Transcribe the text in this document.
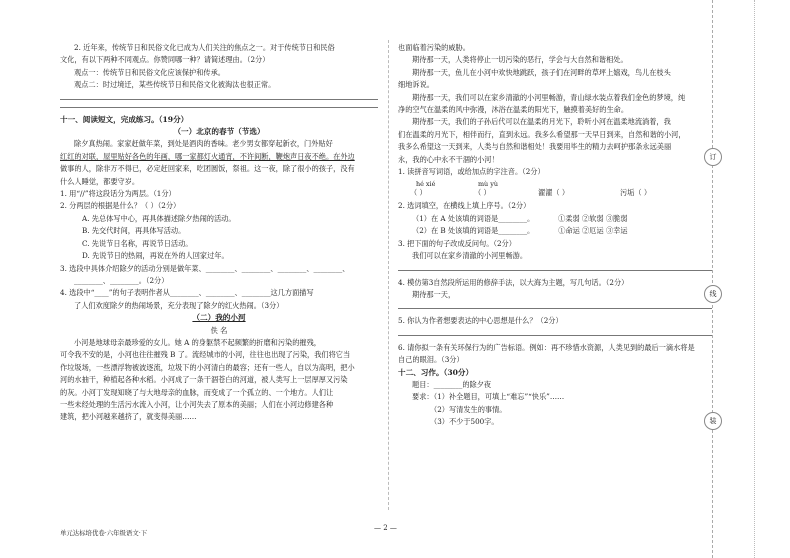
2. 近年来，传统节日和民俗文化已成为人们关注的焦点之一。对于传统节日和民俗

文化，有以下两种不同观点。你赞同哪一种？请简述理由。（2分）

观点一：传统节日和民俗文化应该保护和传承。

观点二：时过境迁，某些传统节日和民俗文化被淘汰也很正常。

十一、阅读短文，完成练习。（19分）

（一）北京的春节（节选）

除夕真热闹。家家赶做年菜，到处是酒肉的香味。老少男女都穿起新衣，门外贴好

红红的对联，屋里贴好各色的年画，哪一家都灯火通宵，不许间断，鞭炮声日夜不绝。在外边

做事的人，除非万不得已，必定赶回家来，吃团圆饭，祭祖。这一夜，除了很小的孩子，没有

什么人睡觉，都要守岁。

1. 用“//”将这段话分为两层。（1分）

2. 分两层的根据是什么？（ ）（2分）

A. 先总体写中心，再具体描述除夕热闹的活动。

B. 先交代时间，再具体写活动。

C. 先说节日名称，再说节日活动。

D. 先说节日的热闹，再说在外的人回家过年。

3. 选段中具体介绍除夕的活动分别是做年菜、________、________、________、________、

________、________。（2分）

4. 选段中“____”的句子表明作者从________、________、________这几方面描写

了人们欢度除夕的热闹场景，充分表现了除夕的红火热闹。（3分）

（二）我的小河

佚 名

小河是地球母亲最珍爱的女儿。她 A 的身躯禁不起频繁的折磨和污染的摧残，

可令我不安的是，小河也往往摧残 B 了。流经城市的小河，往往也出现了污染，我们将它当

作垃圾场，一些漂浮物被波逐流，垃圾下的小河清白的最容；还有一些人，自以为高明，把小

河的水抽干，种植起各种水稻。小河成了一条干涸苍白的河道，被人类写上一层厚厚又污染

的灰。小河丁发现知晓了与大地母亲的血脉，而变成了一个孤立的、一个地方。人们让

一些未经处理的生活污水流入小河，让小河失去了原本的美丽；人们在小河边修建各种

建筑，把小河越来越挤了，就变得美丽……

也面临着污染的威胁。

期待那一天，人类将停止一切污染的恶行，学会与大自然和谐相处。

期待那一天，鱼儿在小河中欢快地跳跃，孩子们在河畔的草坪上嬉戏，鸟儿在枝头

细地诉说。

期待那一天，我们可以在家乡清澈的小河里畅游，青山绿水装点着我们金色的梦境，纯

净的空气在温柔的风中弥漫，沐浴在温柔的阳光下，触摸着美好的生命。

期待那一天，我们的子孙后代可以在温柔的月光下，聆听小河在温柔地流淌着，我

们在温柔的月光下，相伴而行，直到永远。我多么希望那一天早日到来，自然和谐的小河，

我多么希望这一天到来，人类与自然和谐相处！我要用毕生的精力去呵护那条永远美丽

永，我的心中永不干涸的小河！

1. 读拼音写词语，或给加点的字注音。（2分）

hé xié	mù yù
（ ）	（ ）	濯濯（ ）	污垢（ ）

2. 选词填空，在横线上填上序号。（2分）

（1）在 A 处该填的词语是________。	①柔弱 ②软弱 ③脆弱

（2）在 B 处该填的词语是________。	①命运 ②厄运 ③幸运

3. 把下面的句子改成反问句。（2分）

我们可以在家乡清澈的小河里畅游。

4. 模仿第3自然段所运用的修辞手法，以大海为主题，写几句话。（2分）

期待那一天，

5. 你认为作者想要表达的中心思想是什么？（2分）

6. 请你拟一条有关环保行为的广告标语。例如：再不珍惜水资源，人类见到的最后一滴水将是

自己的眼泪。（3分）

十二、习作。（30分）

题目：________的除夕夜

要求：（1）补全题目，可填上“难忘”“快乐”……

（2）写清发生的事情。

（3）不少于500字。

单元达标培优卷·六年级语文·下
— 2 —
订
线
装
